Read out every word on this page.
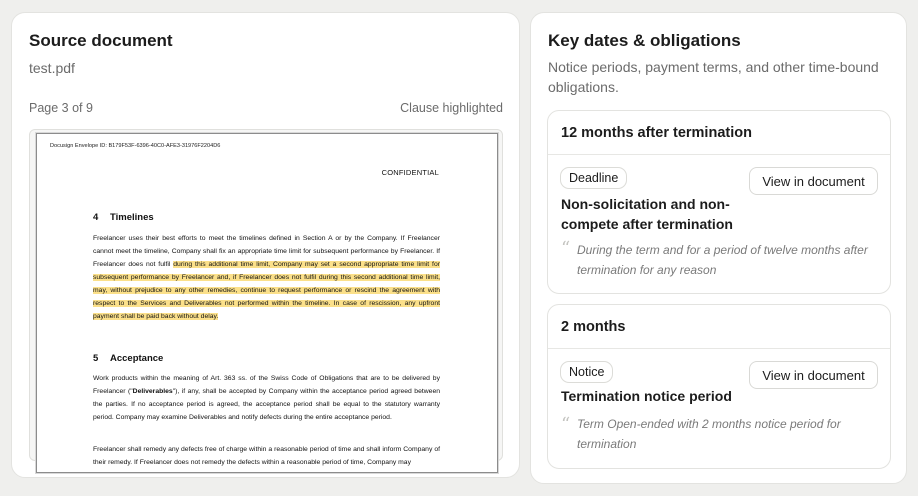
Source document
test.pdf
Page 3 of 9	Clause highlighted
Docusign Envelope ID: B179F53F-6396-40C0-AFE3-31976F2204D6
CONFIDENTIAL
4 Timelines
Freelancer uses their best efforts to meet the timelines defined in Section A or by the Company. If Freelancer cannot meet the timeline, Company shall fix an appropriate time limit for subsequent performance by Freelancer. If Freelancer does not fulfil during this additional time limit, Company may set a second appropriate time limit for subsequent performance by Freelancer and, if Freelancer does not fulfil during this second additional time limit, may, without prejudice to any other remedies, continue to request performance or rescind the agreement with respect to the Services and Deliverables not performed within the timeline. In case of rescission, any upfront payment shall be paid back without delay.
5 Acceptance
Work products within the meaning of Art. 363 ss. of the Swiss Code of Obligations that are to be delivered by Freelancer ("Deliverables"), if any, shall be accepted by Company within the acceptance period agreed between the parties. If no acceptance period is agreed, the acceptance period shall be equal to the statutory warranty period. Company may examine Deliverables and notify defects during the entire acceptance period.
Freelancer shall remedy any defects free of charge within a reasonable period of time and shall inform Company of their remedy. If Freelancer does not remedy the defects within a reasonable period of time, Company may
Key dates & obligations
Notice periods, payment terms, and other time-bound obligations.
12 months after termination
Deadline	View in document
Non-solicitation and non-compete after termination
“ During the term and for a period of twelve months after termination for any reason
2 months
Notice	View in document
Termination notice period
“ Term Open-ended with 2 months notice period for termination
